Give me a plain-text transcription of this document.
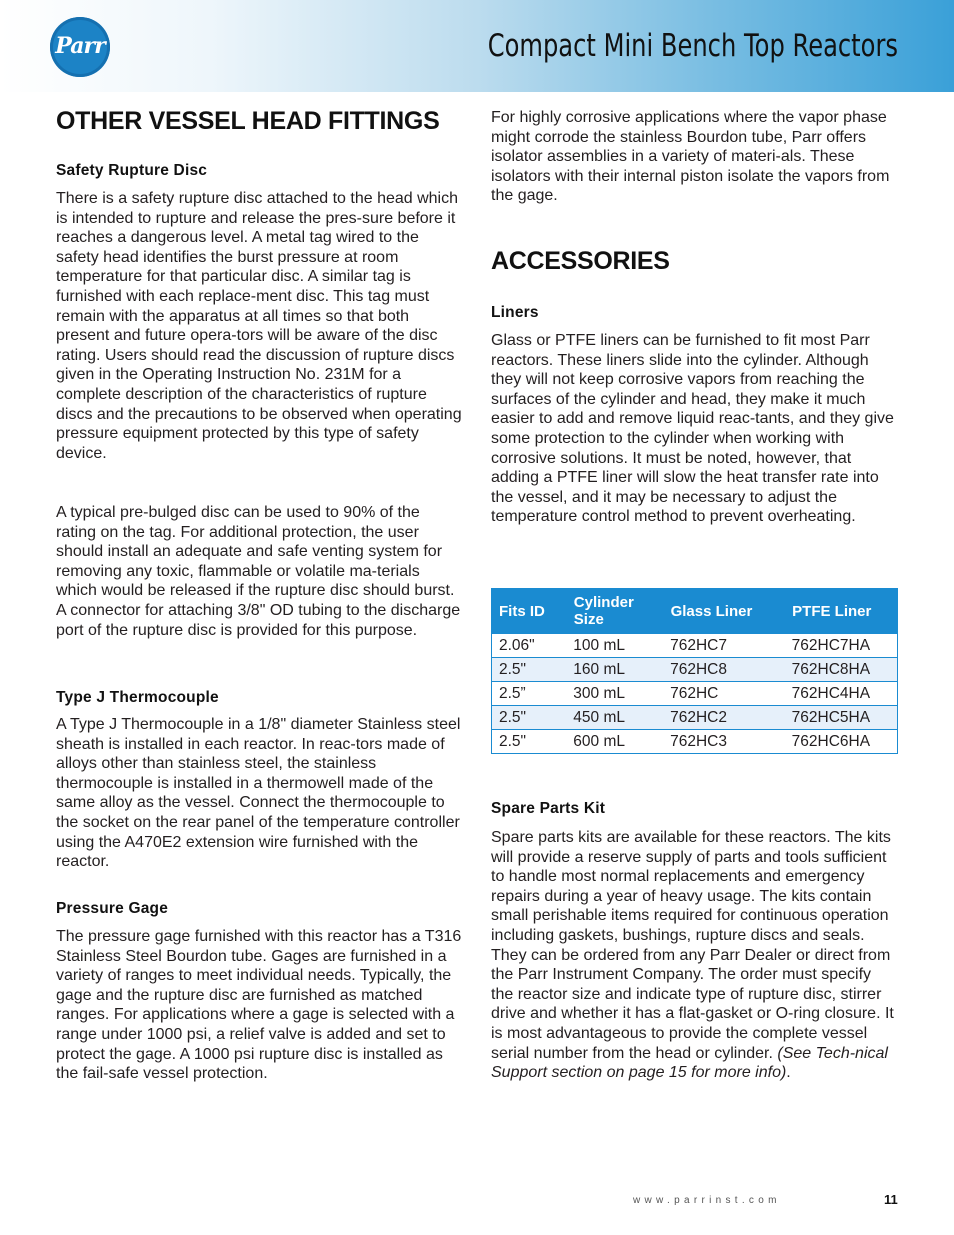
Parr	Compact Mini Bench Top Reactors
OTHER VESSEL HEAD FITTINGS
Safety Rupture Disc

There is a safety rupture disc attached to the head which is intended to rupture and release the pres-sure before it reaches a dangerous level. A metal tag wired to the safety head identifies the burst pressure at room temperature for that particular disc. A similar tag is furnished with each replace-ment disc. This tag must remain with the apparatus at all times so that both present and future opera-tors will be aware of the disc rating. Users should read the discussion of rupture discs given in the Operating Instruction No. 231M for a complete description of the characteristics of rupture discs and the precautions to be observed when operating pressure equipment protected by this type of safety device.

A typical pre-bulged disc can be used to 90% of the rating on the tag. For additional protection, the user should install an adequate and safe venting system for removing any toxic, flammable or volatile ma-terials which would be released if the rupture disc should burst. A connector for attaching 3/8" OD tubing to the discharge port of the rupture disc is provided for this purpose.

Type J Thermocouple

A Type J Thermocouple in a 1/8" diameter Stainless steel sheath is installed in each reactor. In reac-tors made of alloys other than stainless steel, the stainless thermocouple is installed in a thermowell made of the same alloy as the vessel. Connect the thermocouple to the socket on the rear panel of the temperature controller using the A470E2 extension wire furnished with the reactor.

Pressure Gage

The pressure gage furnished with this reactor has a T316 Stainless Steel Bourdon tube. Gages are furnished in a variety of ranges to meet individual needs. Typically, the gage and the rupture disc are furnished as matched ranges. For applications where a gage is selected with a range under 1000 psi, a relief valve is added and set to protect the gage. A 1000 psi rupture disc is installed as the fail-safe vessel protection.

For highly corrosive applications where the vapor phase might corrode the stainless Bourdon tube, Parr offers isolator assemblies in a variety of materi-als. These isolators with their internal piston isolate the vapors from the gage.

ACCESSORIES
Liners

Glass or PTFE liners can be furnished to fit most Parr reactors. These liners slide into the cylinder. Although they will not keep corrosive vapors from reaching the surfaces of the cylinder and head, they make it much easier to add and remove liquid reac-tants, and they give some protection to the cylinder when working with corrosive solutions. It must be noted, however, that adding a PTFE liner will slow the heat transfer rate into the vessel, and it may be necessary to adjust the temperature control method to prevent overheating.

Spare Parts Kit

Spare parts kits are available for these reactors. The kits will provide a reserve supply of parts and tools sufficient to handle most normal replacements and emergency repairs during a year of heavy usage. The kits contain small perishable items required for continuous operation including gaskets, bushings, rupture discs and seals. They can be ordered from any Parr Dealer or direct from the Parr Instrument Company. The order must specify the reactor size and indicate type of rupture disc, stirrer drive and whether it has a flat-gasket or O-ring closure. It is most advantageous to provide the complete vessel serial number from the head or cylinder. (See Tech-nical Support section on page 15 for more info).

Fits ID	Cylinder Size	Glass Liner	PTFE Liner
2.06"	100 mL	762HC7	762HC7HA
2.5"	160 mL	762HC8	762HC8HA
2.5”	300 mL	762HC	762HC4HA
2.5"	450 mL	762HC2	762HC5HA
2.5"	600 mL	762HC3	762HC6HA
www.parrinst.com	11
